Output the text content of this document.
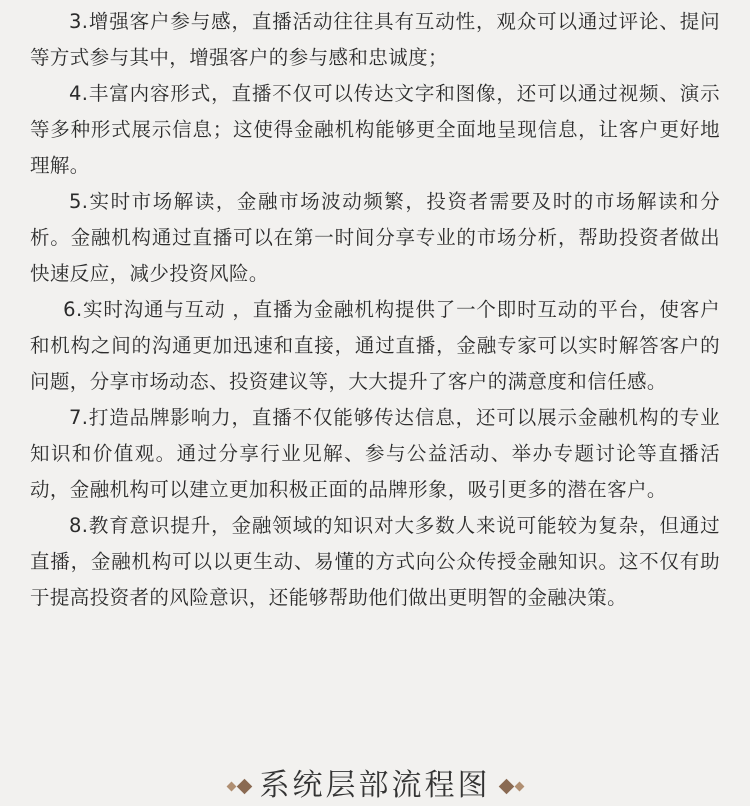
3.增强客户参与感，直播活动往往具有互动性，观众可以通过评论、提问等方式参与其中，增强客户的参与感和忠诚度；

4.丰富内容形式，直播不仅可以传达文字和图像，还可以通过视频、演示等多种形式展示信息；这使得金融机构能够更全面地呈现信息，让客户更好地理解。

5.实时市场解读，金融市场波动频繁，投资者需要及时的市场解读和分析。金融机构通过直播可以在第一时间分享专业的市场分析，帮助投资者做出快速反应，减少投资风险。

6.实时沟通与互动 ，直播为金融机构提供了一个即时互动的平台，使客户和机构之间的沟通更加迅速和直接，通过直播，金融专家可以实时解答客户的问题，分享市场动态、投资建议等，大大提升了客户的满意度和信任感。

7.打造品牌影响力，直播不仅能够传达信息，还可以展示金融机构的专业知识和价值观。通过分享行业见解、参与公益活动、举办专题讨论等直播活动，金融机构可以建立更加积极正面的品牌形象，吸引更多的潜在客户。

8.教育意识提升，金融领域的知识对大多数人来说可能较为复杂，但通过直播，金融机构可以以更生动、易懂的方式向公众传授金融知识。这不仅有助于提高投资者的风险意识，还能够帮助他们做出更明智的金融决策。

系统层部流程图
